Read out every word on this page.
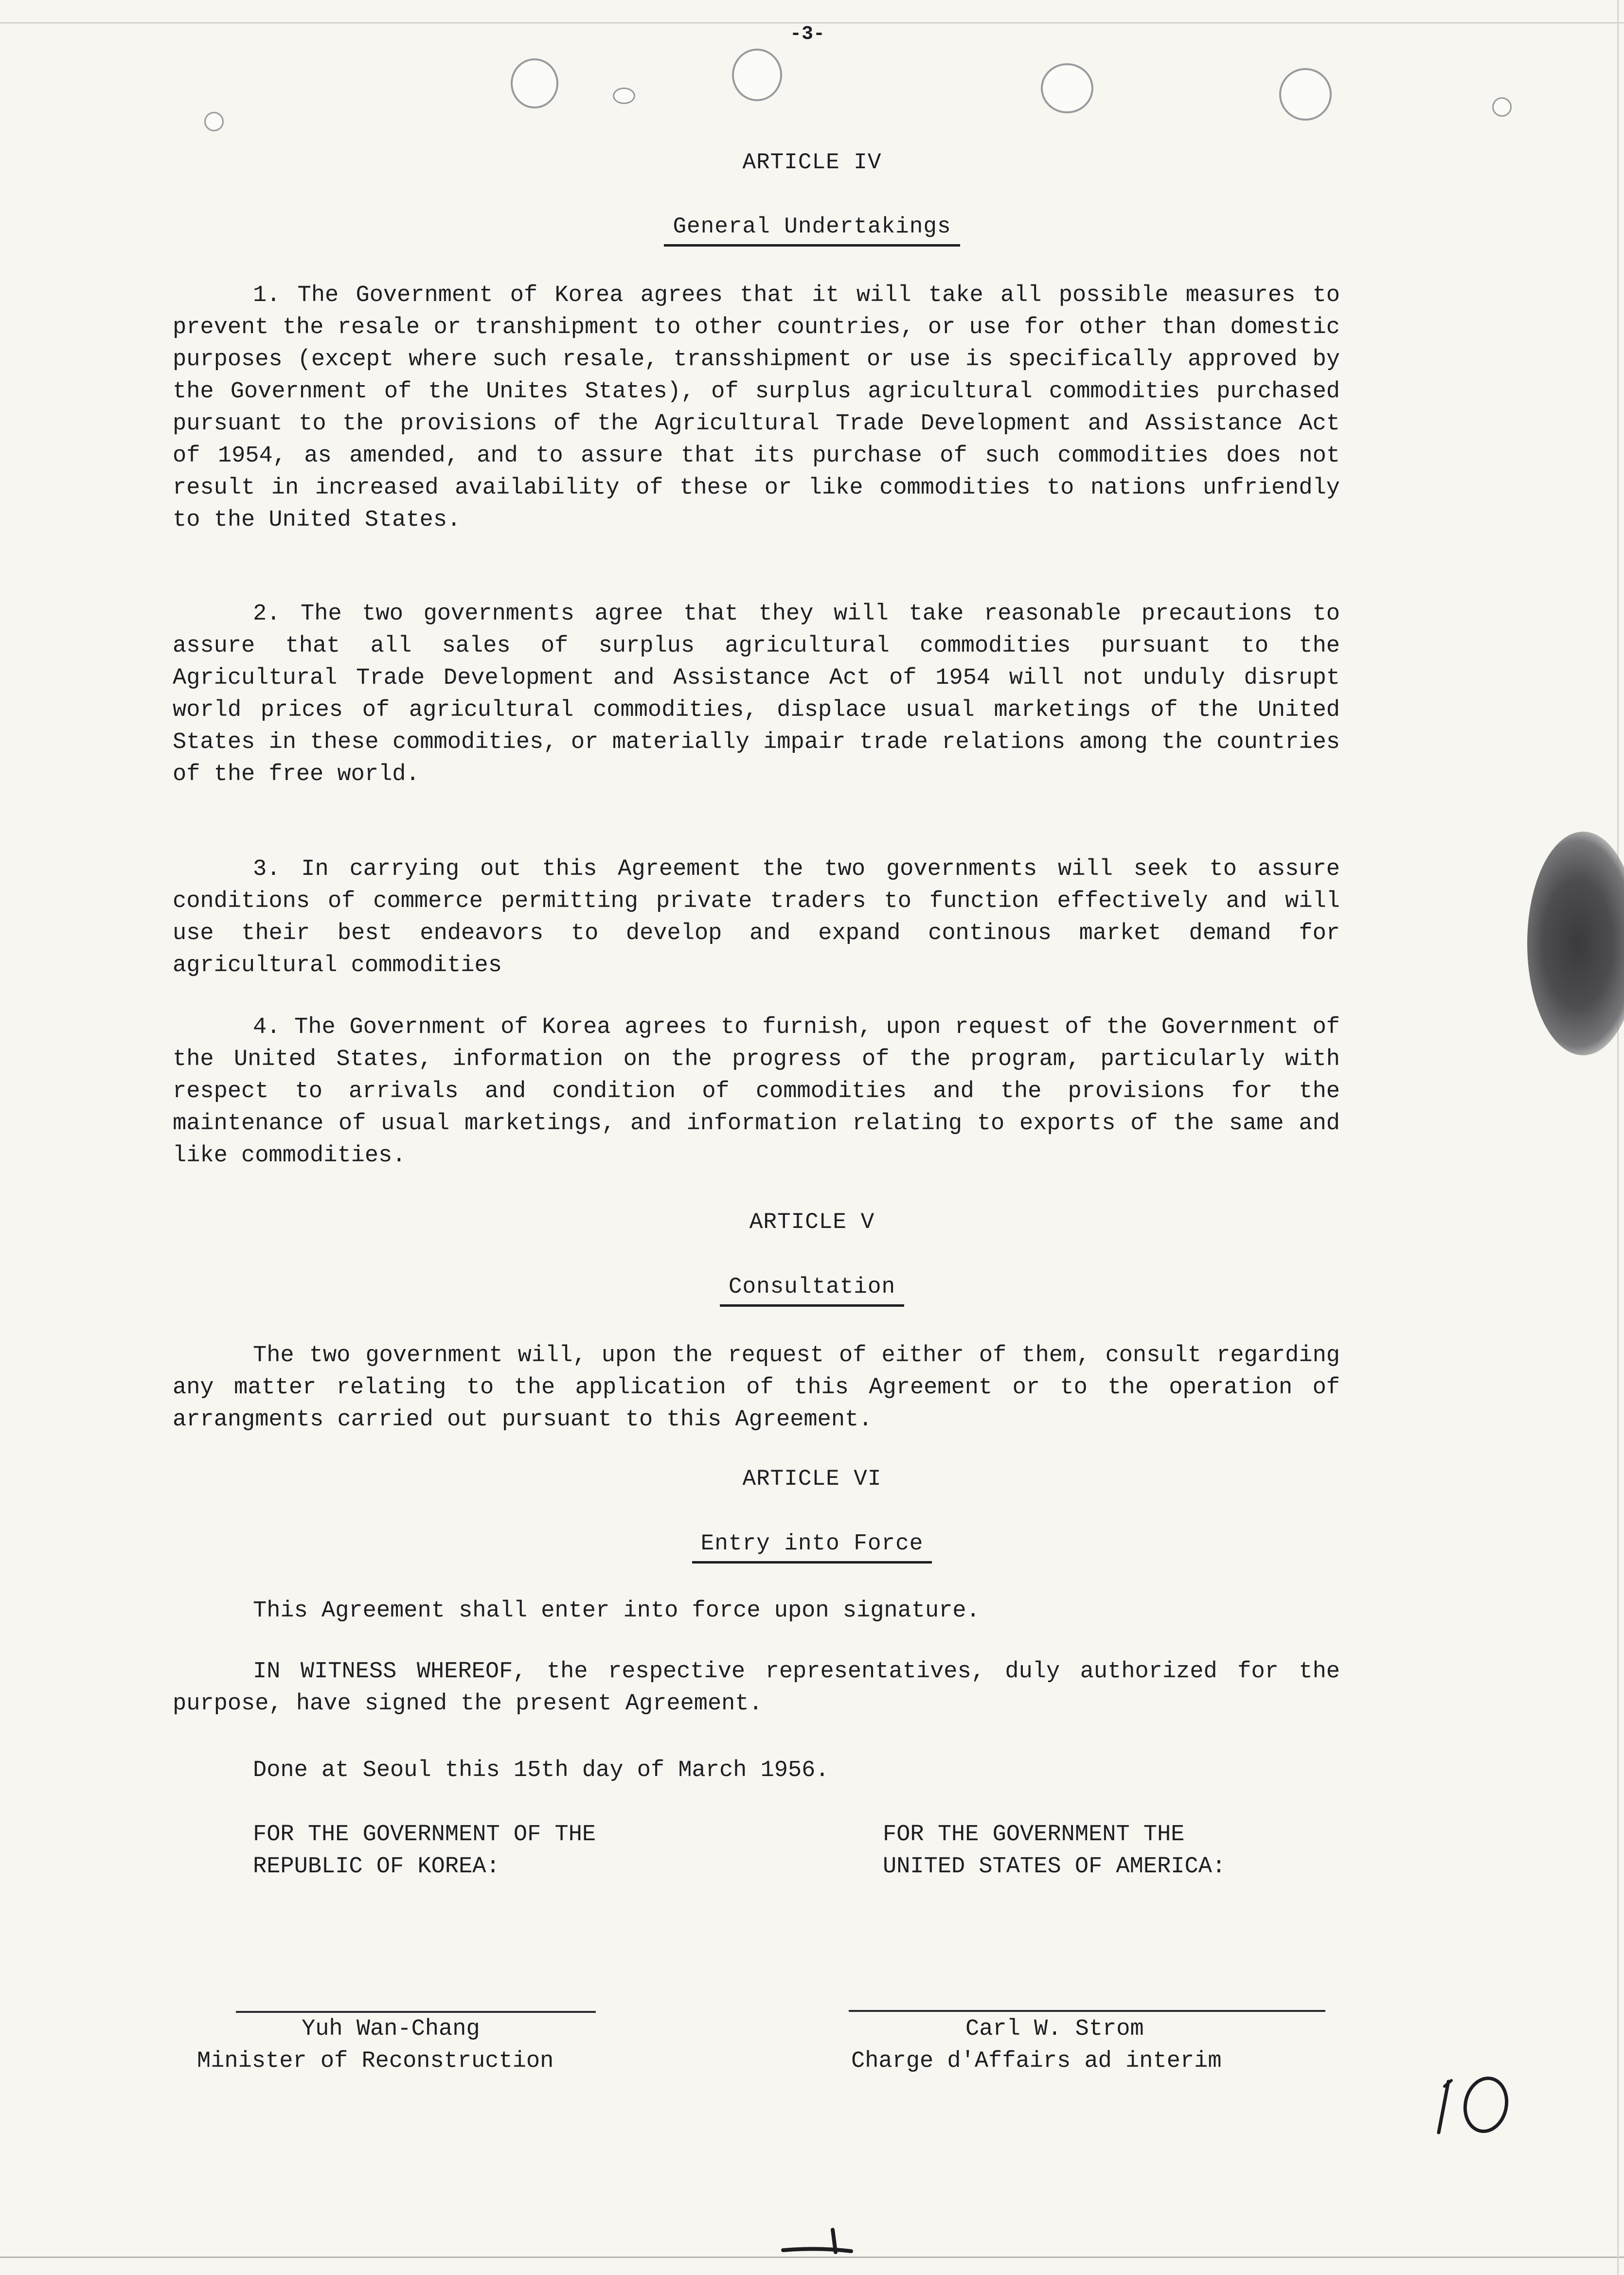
-3-
ARTICLE IV
General Undertakings

1. The Government of Korea agrees that it will take all possible measures to prevent the resale or transhipment to other countries, or use for other than domestic purposes (except where such resale, transshipment or use is specifically approved by the Government of the Unites States), of surplus agricultural commodities purchased pursuant to the provisions of the Agricultural Trade Development and Assistance Act of 1954, as amended, and to assure that its purchase of such commodities does not result in increased availability of these or like commodities to nations unfriendly to the United States.

2. The two governments agree that they will take reasonable precautions to assure that all sales of surplus agricultural commodities pursuant to the Agricultural Trade Development and Assistance Act of 1954 will not unduly disrupt world prices of agricultural commodities, displace usual marketings of the United States in these commodities, or materially impair trade relations among the countries of the free world.

3. In carrying out this Agreement the two governments will seek to assure conditions of commerce permitting private traders to function effectively and will use their best endeavors to develop and expand continous market demand for agricultural commodities

4. The Government of Korea agrees to furnish, upon request of the Government of the United States, information on the progress of the program, particularly with respect to arrivals and condition of commodities and the provisions for the maintenance of usual marketings, and information relating to exports of the same and like commodities.

ARTICLE V
Consultation

The two government will, upon the request of either of them, consult regarding any matter relating to the application of this Agreement or to the operation of arrangments carried out pursuant to this Agreement.

ARTICLE VI
Entry into Force

This Agreement shall enter into force upon signature.

IN WITNESS WHEREOF, the respective representatives, duly authorized for the purpose, have signed the present Agreement.

Done at Seoul this 15th day of March 1956.

FOR THE GOVERNMENT OF THE
REPUBLIC OF KOREA:
FOR THE GOVERNMENT THE
UNITED STATES OF AMERICA:
Yuh Wan-Chang
Minister of Reconstruction
Carl W. Strom
Charge d'Affairs ad interim
